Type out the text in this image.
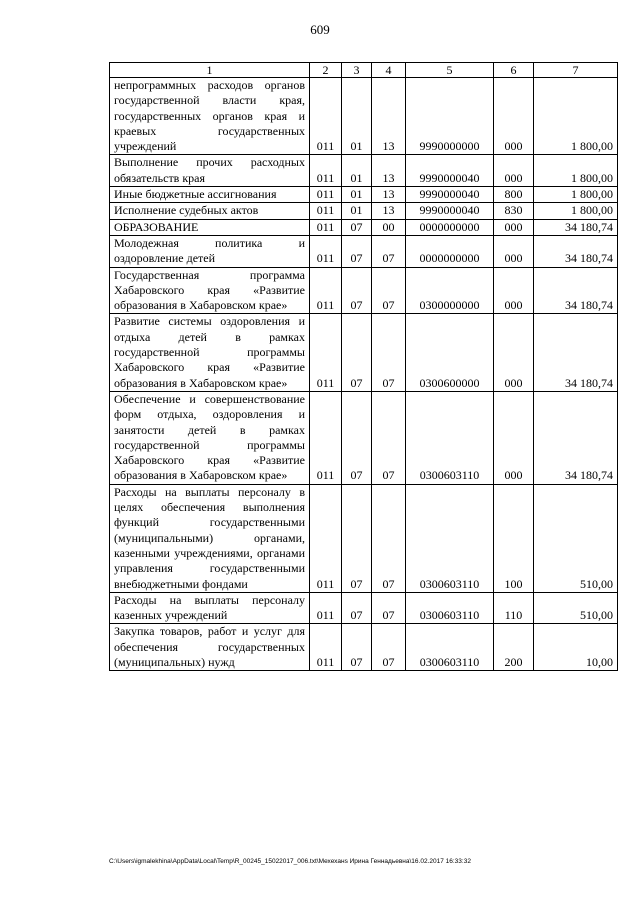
609
1	2	3	4	5	6	7
непрограммных расходов органов государственной власти края, государственных органов края и краевых государственных учреждений	011	01	13	9990000000	000	1 800,00
Выполнение прочих расходных обязательств края	011	01	13	9990000040	000	1 800,00
Иные бюджетные ассигнования	011	01	13	9990000040	800	1 800,00
Исполнение судебных актов	011	01	13	9990000040	830	1 800,00
ОБРАЗОВАНИЕ	011	07	00	0000000000	000	34 180,74
Молодежная политика и оздоровление детей	011	07	07	0000000000	000	34 180,74
Государственная программа Хабаровского края «Развитие образования в Хабаровском крае»	011	07	07	0300000000	000	34 180,74
Развитие системы оздоровления и отдыха детей в рамках государственной программы Хабаровского края «Развитие образования в Хабаровском крае»	011	07	07	0300600000	000	34 180,74
Обеспечение и совершенствование форм отдыха, оздоровления и занятости детей в рамках государственной программы Хабаровского края «Развитие образования в Хабаровском крае»	011	07	07	0300603110	000	34 180,74
Расходы на выплаты персоналу в целях обеспечения выполнения функций государственными (муниципальными) органами, казенными учреждениями, органами управления государственными внебюджетными фондами	011	07	07	0300603110	100	510,00
Расходы на выплаты персоналу казенных учреждений	011	07	07	0300603110	110	510,00
Закупка товаров, работ и услуг для обеспечения государственных (муниципальных) нужд	011	07	07	0300603110	200	10,00
C:\Users\igmalekhina\AppData\Local\Temp\R_00245_15022017_006.txt\Мехеханs Ирина Геннадьевна\16.02.2017 16:33:32
